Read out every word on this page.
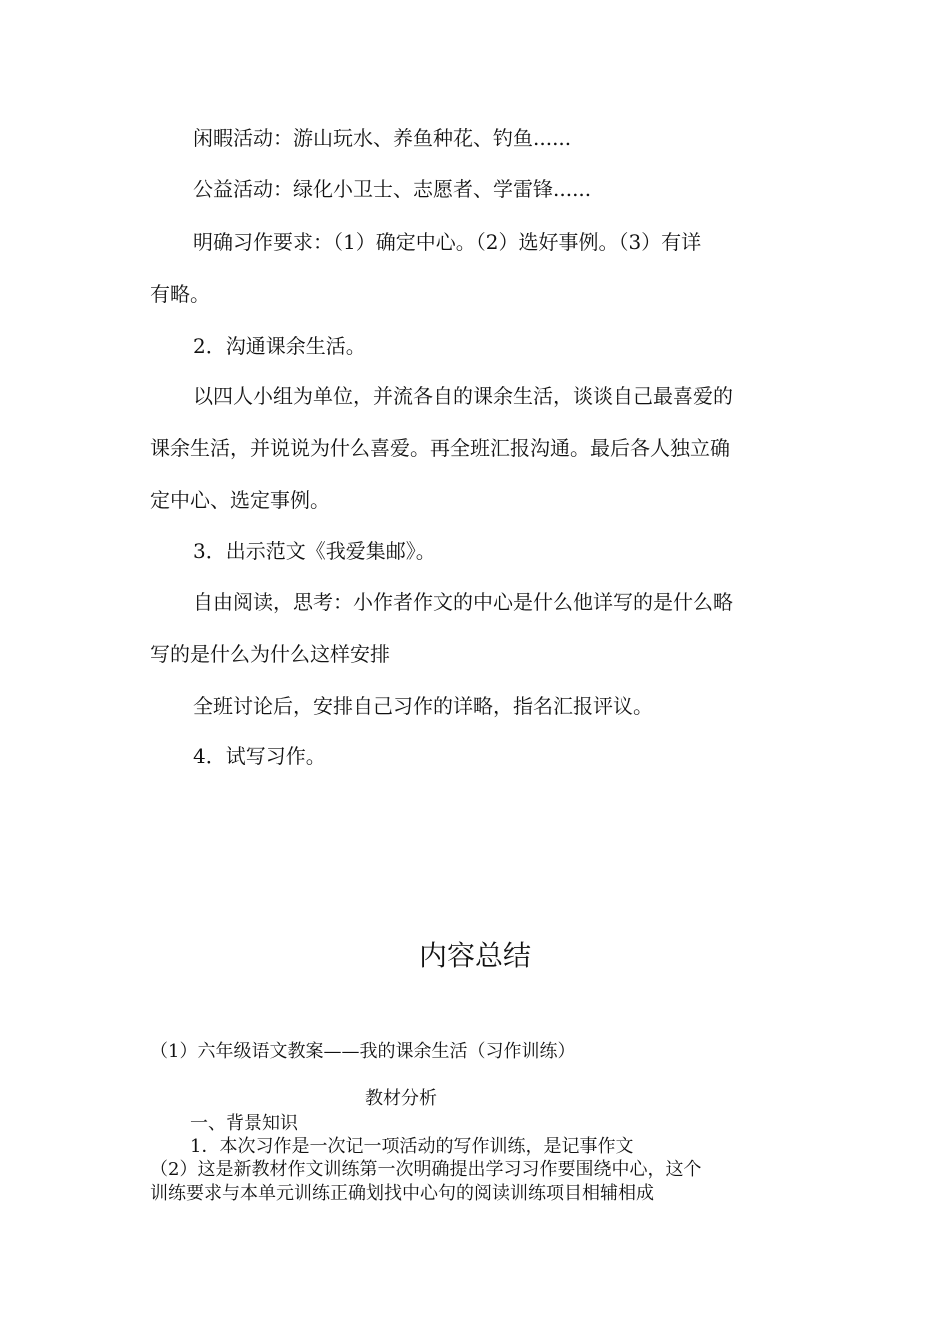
闲暇活动：游山玩水、养鱼种花、钓鱼......
公益活动：绿化小卫士、志愿者、学雷锋......
明确习作要求：（1）确定中心。（2）选好事例。（3）有详
有略。
2．沟通课余生活。
以四人小组为单位，并流各自的课余生活，谈谈自己最喜爱的
课余生活，并说说为什么喜爱。再全班汇报沟通。最后各人独立确
定中心、选定事例。
3．出示范文《我爱集邮》。
自由阅读，思考：小作者作文的中心是什么他详写的是什么略
写的是什么为什么这样安排
全班讨论后，安排自己习作的详略，指名汇报评议。
4．试写习作。
内容总结
（1）六年级语文教案——我的课余生活（习作训练）
教材分析
一、背景知识
1．本次习作是一次记一项活动的写作训练，是记事作文
（2）这是新教材作文训练第一次明确提出学习习作要围绕中心，这个
训练要求与本单元训练正确划找中心句的阅读训练项目相辅相成
